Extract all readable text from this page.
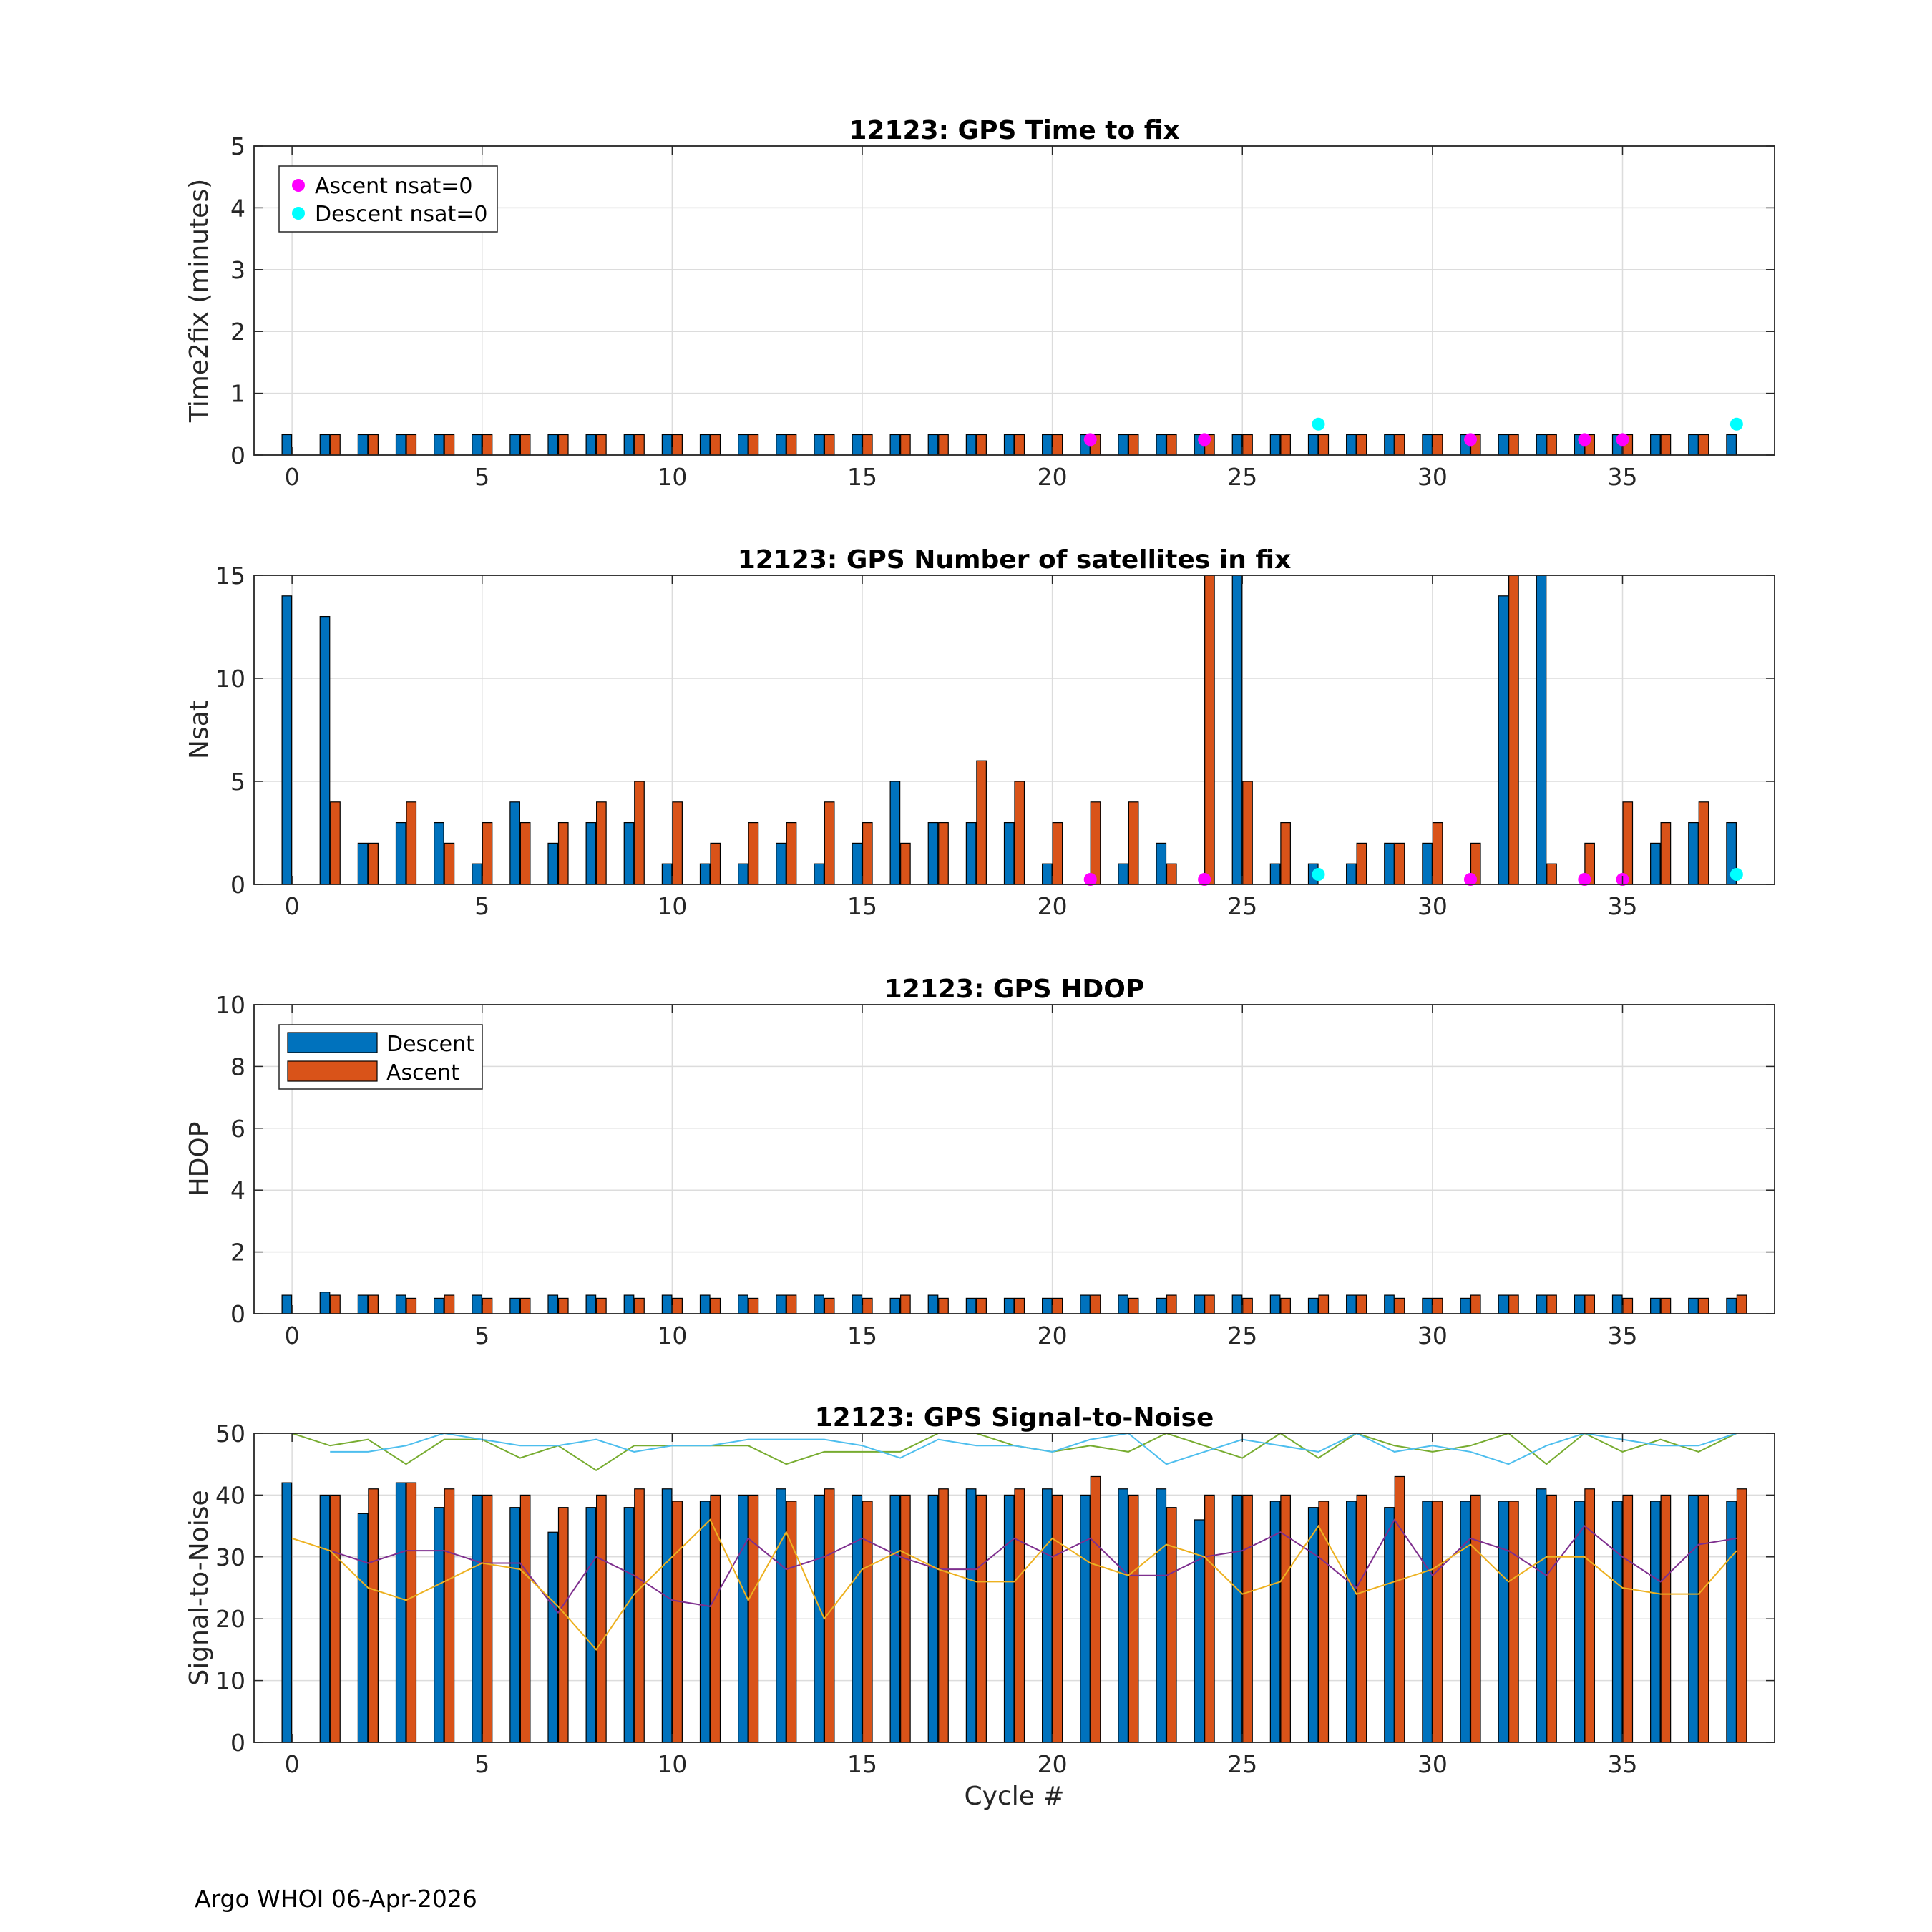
0	5	10	15	20	25	30	35
0
1
2
3
4
5
12123: GPS Time to fix
Time2fix (minutes)	Ascent nsat=0
Descent nsat=0
0	5	10	15	20	25	30	35
0
5
10
15
12123: GPS Number of satellites in fix
Nsat
0	5	10	15	20	25	30	35
0
2
4
6
8
10
12123: GPS HDOP
HDOP
Descent
Ascent
0	5	10	15	20	25	30	35
0
10
20
30
40
50
12123: GPS Signal-to-Noise
Signal-to-Noise
Cycle #
Argo WHOI 06-Apr-2026
